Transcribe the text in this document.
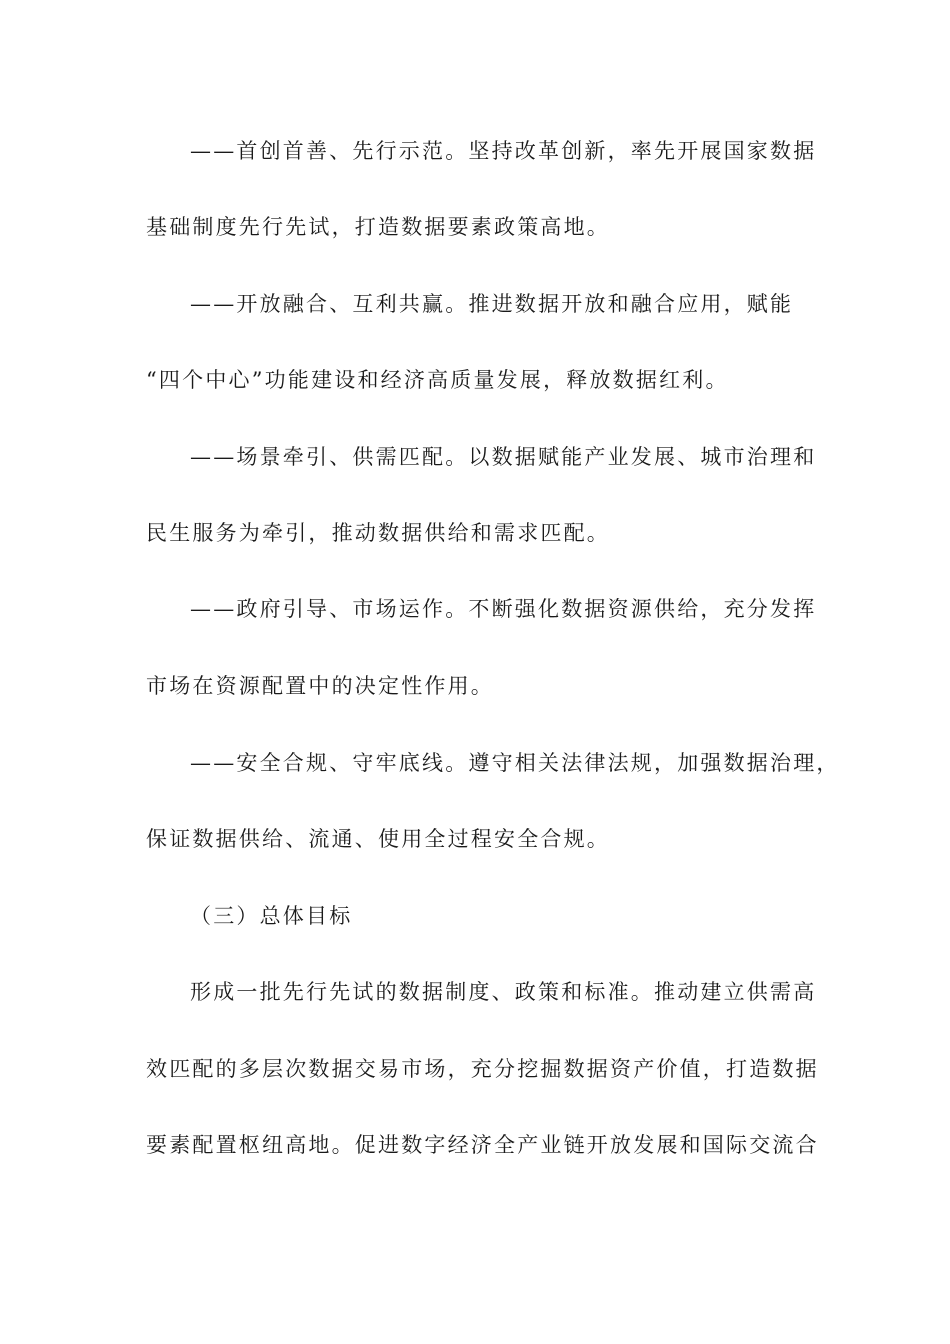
——首创首善、先行示范。坚持改革创新，率先开展国家数据
基础制度先行先试，打造数据要素政策高地。
——开放融合、互利共赢。推进数据开放和融合应用，赋能
“四个中心”功能建设和经济高质量发展，释放数据红利。
——场景牵引、供需匹配。以数据赋能产业发展、城市治理和
民生服务为牵引，推动数据供给和需求匹配。
——政府引导、市场运作。不断强化数据资源供给，充分发挥
市场在资源配置中的决定性作用。
——安全合规、守牢底线。遵守相关法律法规，加强数据治理，
保证数据供给、流通、使用全过程安全合规。
（三）总体目标
形成一批先行先试的数据制度、政策和标准。推动建立供需高
效匹配的多层次数据交易市场，充分挖掘数据资产价值，打造数据
要素配置枢纽高地。促进数字经济全产业链开放发展和国际交流合
